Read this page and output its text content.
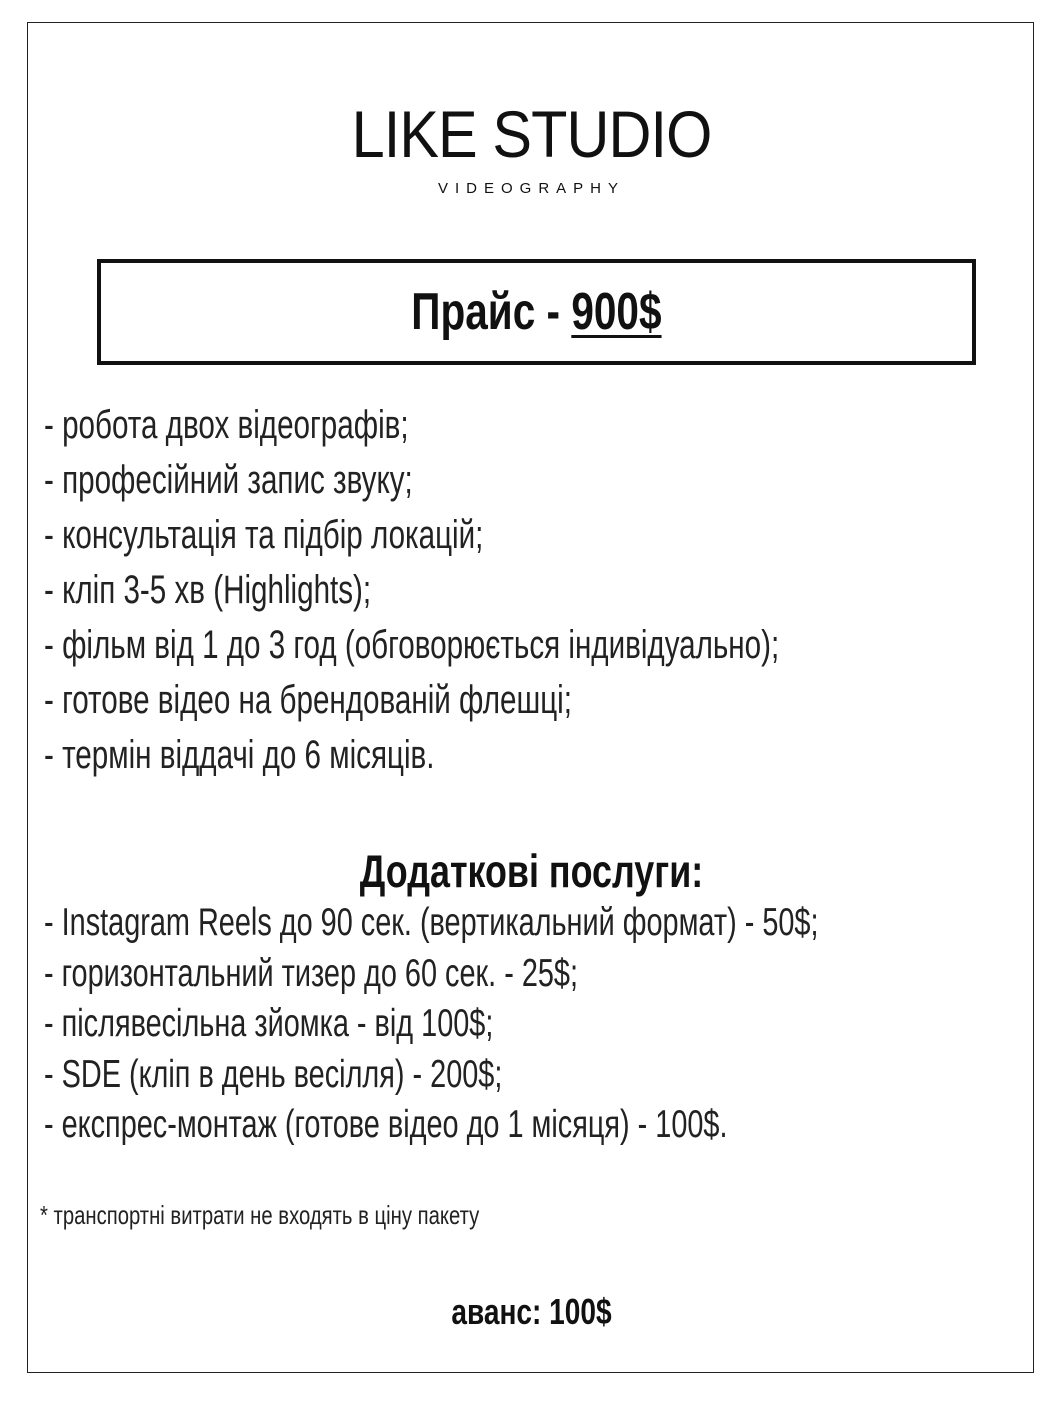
LIKE STUDIO
VIDEOGRAPHY
Прайс - 900$
- робота двох відеографів;
- професійний запис звуку;
- консультація та підбір локацій;
- кліп 3-5 хв (Highlights);
- фільм від 1 до 3 год (обговорюється індивідуально);
- готове відео на брендованій флешці;
- термін віддачі до 6 місяців.
Додаткові послуги:
- Instagram Reels до 90 сек. (вертикальний формат) - 50$;
- горизонтальний тизер до 60 сек. - 25$;
- післявесільна зйомка - від 100$;
- SDE (кліп в день весілля) - 200$;
- експрес-монтаж (готове відео до 1 місяця) - 100$.
* транспортні витрати не входять в ціну пакету
аванс: 100$
